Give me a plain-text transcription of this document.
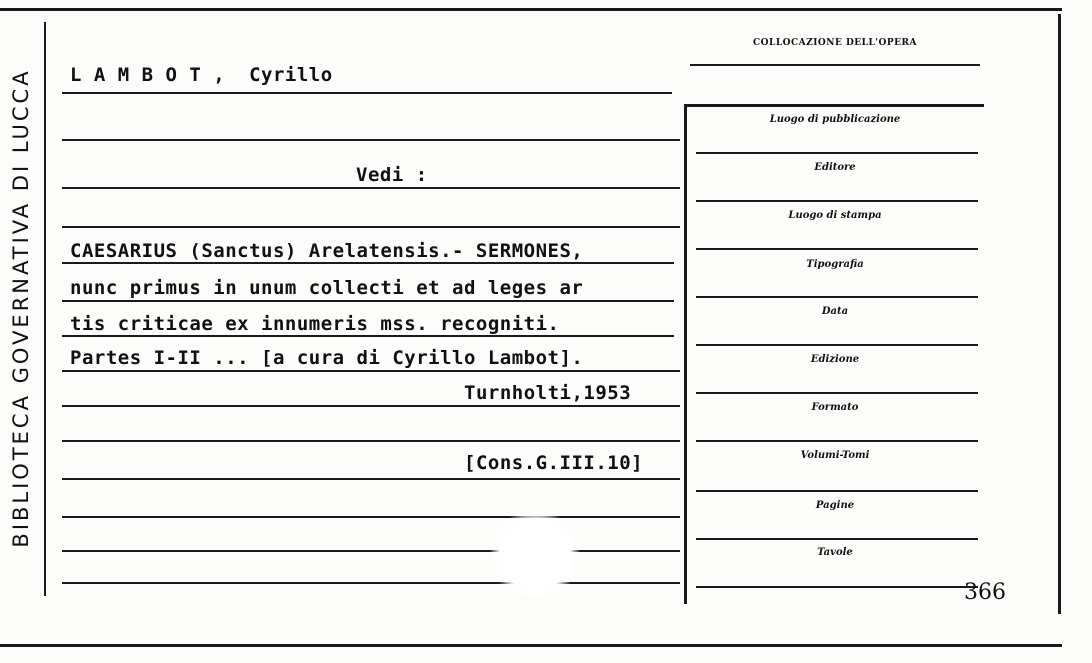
BIBLIOTECA GOVERNATIVA DI LUCCA L A M B O T ,  Cyrillo
Vedi :
CAESARIUS (Sanctus) Arelatensis.- SERMONES,
nunc primus in unum collecti et ad leges ar
tis criticae ex innumeris mss. recogniti.
Partes I-II ... [a cura di Cyrillo Lambot].
Turnholti,1953
[Cons.G.III.10]
COLLOCAZIONE DELL'OPERA
Luogo di pubblicazione
Editore
Luogo di stampa
Tipografia
Data
Edizione
Formato
Volumi-Tomi
Pagine
Tavole
366
